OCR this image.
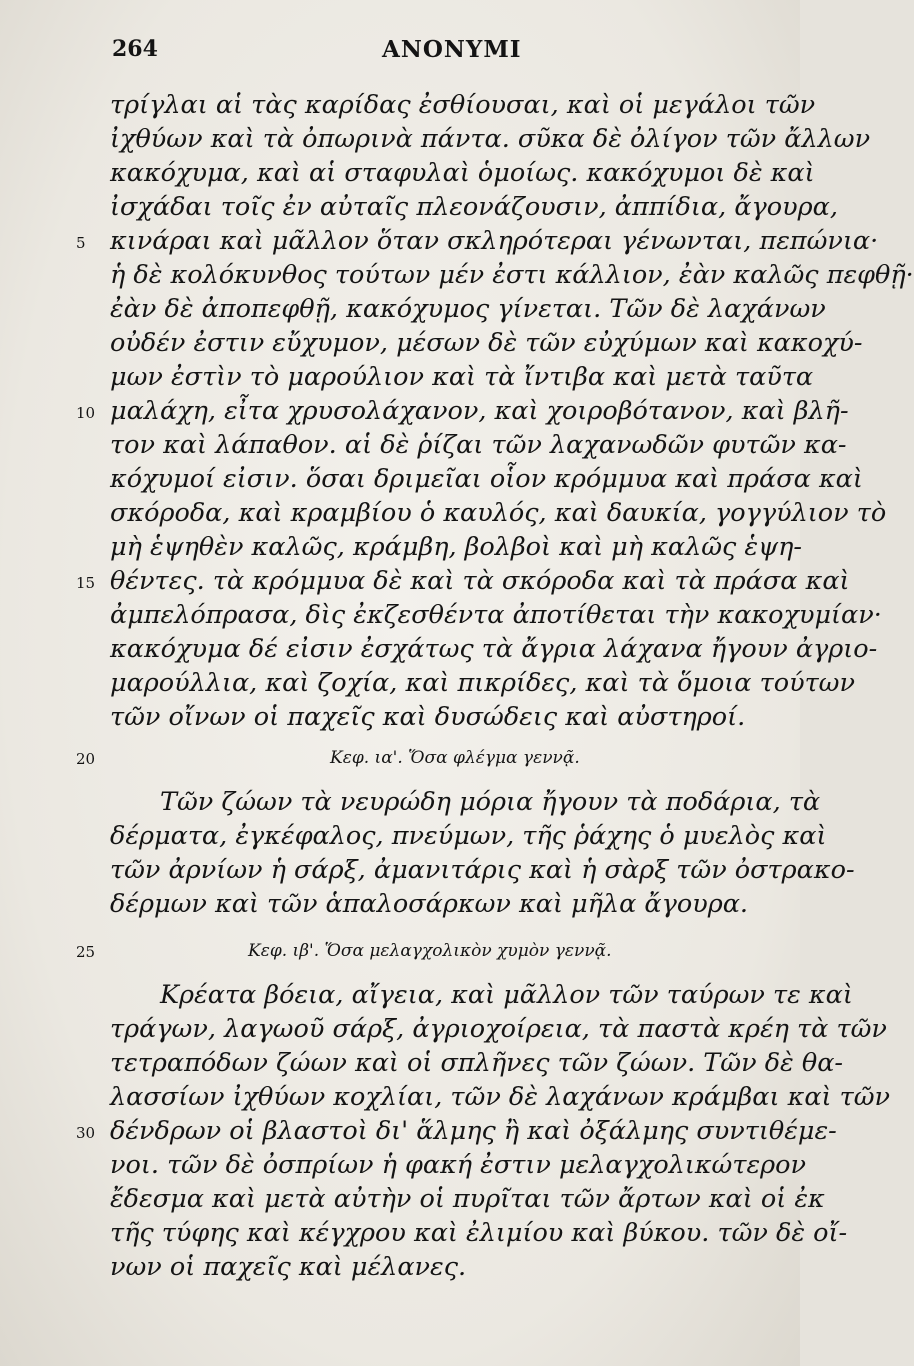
264	ANONYMI
τρίγλαι αἱ τὰς καρίδας ἐσθίουσαι, καὶ οἱ μεγάλοι τῶν
ἰχθύων καὶ τὰ ὀπωρινὰ πάντα. σῦκα δὲ ὀλίγον τῶν ἄλλων
κακόχυμα, καὶ αἱ σταφυλαὶ ὁμοίως. κακόχυμοι δὲ καὶ
ἰσχάδαι τοῖς ἐν αὐταῖς πλεονάζουσιν, ἀππίδια, ἄγουρα,
κινάραι καὶ μᾶλλον ὅταν σκληρότεραι γένωνται, πεπώνια·
ἡ δὲ κολόκυνθος τούτων μέν ἐστι κάλλιον, ἐὰν καλῶς πεφθῇ·
ἐὰν δὲ ἀποπεφθῇ, κακόχυμος γίνεται. Τῶν δὲ λαχάνων
οὐδέν ἐστιν εὔχυμον, μέσων δὲ τῶν εὐχύμων καὶ κακοχύ-
μων ἐστὶν τὸ μαρούλιον καὶ τὰ ἴντιβα καὶ μετὰ ταῦτα
μαλάχη, εἶτα χρυσολάχανον, καὶ χοιροβότανον, καὶ βλῆ-
τον καὶ λάπαθον. αἱ δὲ ῥίζαι τῶν λαχανωδῶν φυτῶν κα-
κόχυμοί εἰσιν. ὅσαι δριμεῖαι οἷον κρόμμυα καὶ πράσα καὶ
σκόροδα, καὶ κραμβίου ὁ καυλός, καὶ δαυκία, γογγύλιον τὸ
μὴ ἑψηθὲν καλῶς, κράμβη, βολβοὶ καὶ μὴ καλῶς ἑψη-
θέντες. τὰ κρόμμυα δὲ καὶ τὰ σκόροδα καὶ τὰ πράσα καὶ
ἀμπελόπρασα, δὶς ἐκζεσθέντα ἀποτίθεται τὴν κακοχυμίαν·
κακόχυμα δέ εἰσιν ἐσχάτως τὰ ἄγρια λάχανα ἤγουν ἀγριο-
μαρούλλια, καὶ ζοχία, καὶ πικρίδες, καὶ τὰ ὅμοια τούτων
τῶν οἴνων οἱ παχεῖς καὶ δυσώδεις καὶ αὐστηροί.
Κεφ. ια'. Ὅσα φλέγμα γεννᾷ.
Τῶν ζώων τὰ νευρώδη μόρια ἤγουν τὰ ποδάρια, τὰ
δέρματα, ἐγκέφαλος, πνεύμων, τῆς ῥάχης ὁ μυελὸς καὶ
τῶν ἀρνίων ἡ σάρξ, ἀμανιτάρις καὶ ἡ σὰρξ τῶν ὀστρακο-
δέρμων καὶ τῶν ἁπαλοσάρκων καὶ μῆλα ἄγουρα.
Κεφ. ιβ'. Ὅσα μελαγχολικὸν χυμὸν γεννᾷ.
Κρέατα βόεια, αἴγεια, καὶ μᾶλλον τῶν ταύρων τε καὶ
τράγων, λαγωοῦ σάρξ, ἀγριοχοίρεια, τὰ παστὰ κρέη τὰ τῶν
τετραπόδων ζώων καὶ οἱ σπλῆνες τῶν ζώων. Τῶν δὲ θα-
λασσίων ἰχθύων κοχλίαι, τῶν δὲ λαχάνων κράμβαι καὶ τῶν
δένδρων οἱ βλαστοὶ δι' ἅλμης ἢ καὶ ὀξάλμης συντιθέμε-
νοι. τῶν δὲ ὀσπρίων ἡ φακή ἐστιν μελαγχολικώτερον
ἔδεσμα καὶ μετὰ αὐτὴν οἱ πυρῖται τῶν ἄρτων καὶ οἱ ἐκ
τῆς τύφης καὶ κέγχρου καὶ ἐλιμίου καὶ βύκου. τῶν δὲ οἴ-
νων οἱ παχεῖς καὶ μέλανες.
5
10
15
20
25
30
